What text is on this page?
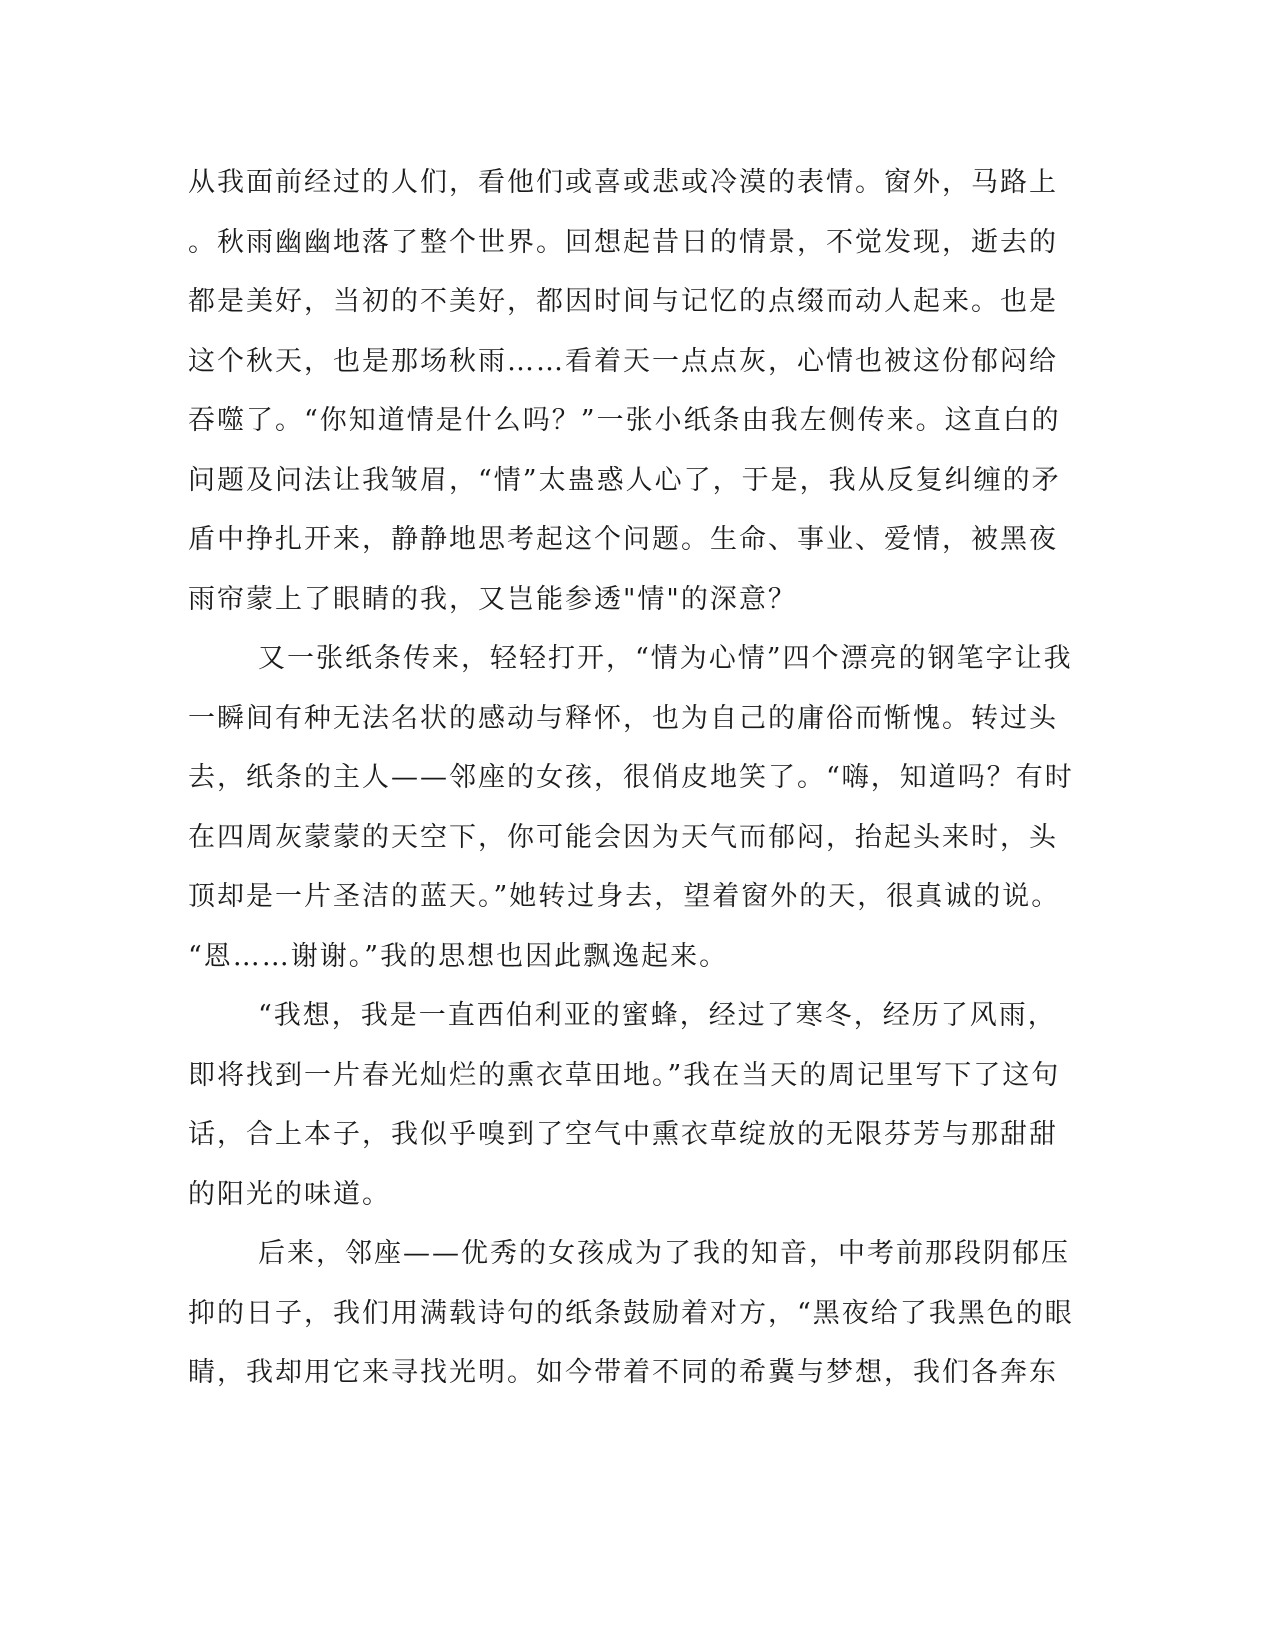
从我面前经过的人们，看他们或喜或悲或冷漠的表情。窗外，马路上
。秋雨幽幽地落了整个世界。回想起昔日的情景，不觉发现，逝去的
都是美好，当初的不美好，都因时间与记忆的点缀而动人起来。也是
这个秋天，也是那场秋雨……看着天一点点灰，心情也被这份郁闷给
吞噬了。“你知道情是什么吗？”一张小纸条由我左侧传来。这直白的
问题及问法让我皱眉，“情”太蛊惑人心了，于是，我从反复纠缠的矛
盾中挣扎开来，静静地思考起这个问题。生命、事业、爱情，被黑夜
雨帘蒙上了眼睛的我，又岂能参透"情"的深意？
又一张纸条传来，轻轻打开，“情为心情”四个漂亮的钢笔字让我
一瞬间有种无法名状的感动与释怀，也为自己的庸俗而惭愧。转过头
去，纸条的主人——邻座的女孩，很俏皮地笑了。“嗨，知道吗？有时
在四周灰蒙蒙的天空下，你可能会因为天气而郁闷，抬起头来时，头
顶却是一片圣洁的蓝天。”她转过身去，望着窗外的天，很真诚的说。
“恩……谢谢。”我的思想也因此飘逸起来。
“我想，我是一直西伯利亚的蜜蜂，经过了寒冬，经历了风雨，
即将找到一片春光灿烂的熏衣草田地。”我在当天的周记里写下了这句
话，合上本子，我似乎嗅到了空气中熏衣草绽放的无限芬芳与那甜甜
的阳光的味道。
后来，邻座——优秀的女孩成为了我的知音，中考前那段阴郁压
抑的日子，我们用满载诗句的纸条鼓励着对方，“黑夜给了我黑色的眼
睛，我却用它来寻找光明。如今带着不同的希冀与梦想，我们各奔东
